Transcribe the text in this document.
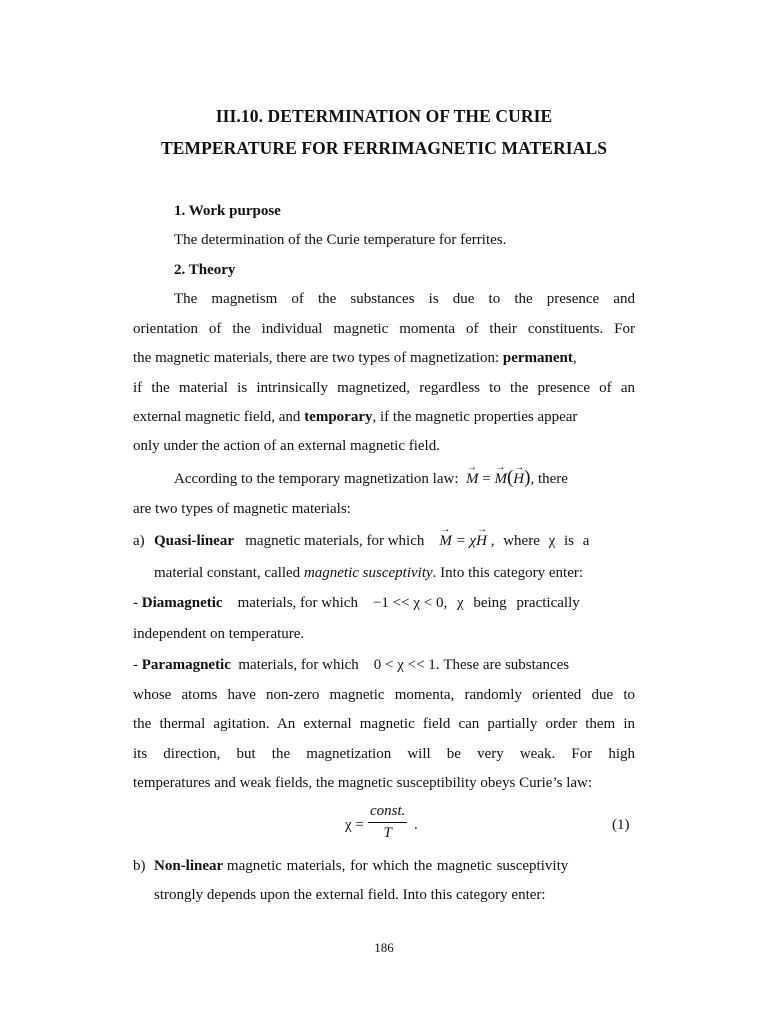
III.10. DETERMINATION OF THE CURIE
TEMPERATURE FOR FERRIMAGNETIC MATERIALS
1. Work purpose
The determination of the Curie temperature for ferrites.
2. Theory
The magnetism of the substances is due to the presence and
orientation of the individual magnetic momenta of their constituents. For
the magnetic materials, there are two types of magnetization: permanent,
if the material is intrinsically magnetized, regardless to the presence of an
external magnetic field, and temporary, if the magnetic properties appear
only under the action of an external magnetic field.
According to the temporary magnetization law: → M = → M(→ H), there
are two types of magnetic materials:
a) Quasi-linear magnetic materials, for which → M = χ→ H , where χ is a
material constant, called magnetic susceptivity. Into this category enter:
- Diamagnetic materials, for which −1 << χ < 0, χ being practically
independent on temperature.
- Paramagnetic materials, for which 0 < χ << 1. These are substances
whose atoms have non-zero magnetic momenta, randomly oriented due to
the thermal agitation. An external magnetic field can partially order them in
its direction, but the magnetization will be very weak. For high
temperatures and weak fields, the magnetic susceptibility obeys Curie’s law:
χ =
const.
T	.	(1)
b) Non-linear magnetic materials, for which the magnetic susceptivity
strongly depends upon the external field. Into this category enter:
186
